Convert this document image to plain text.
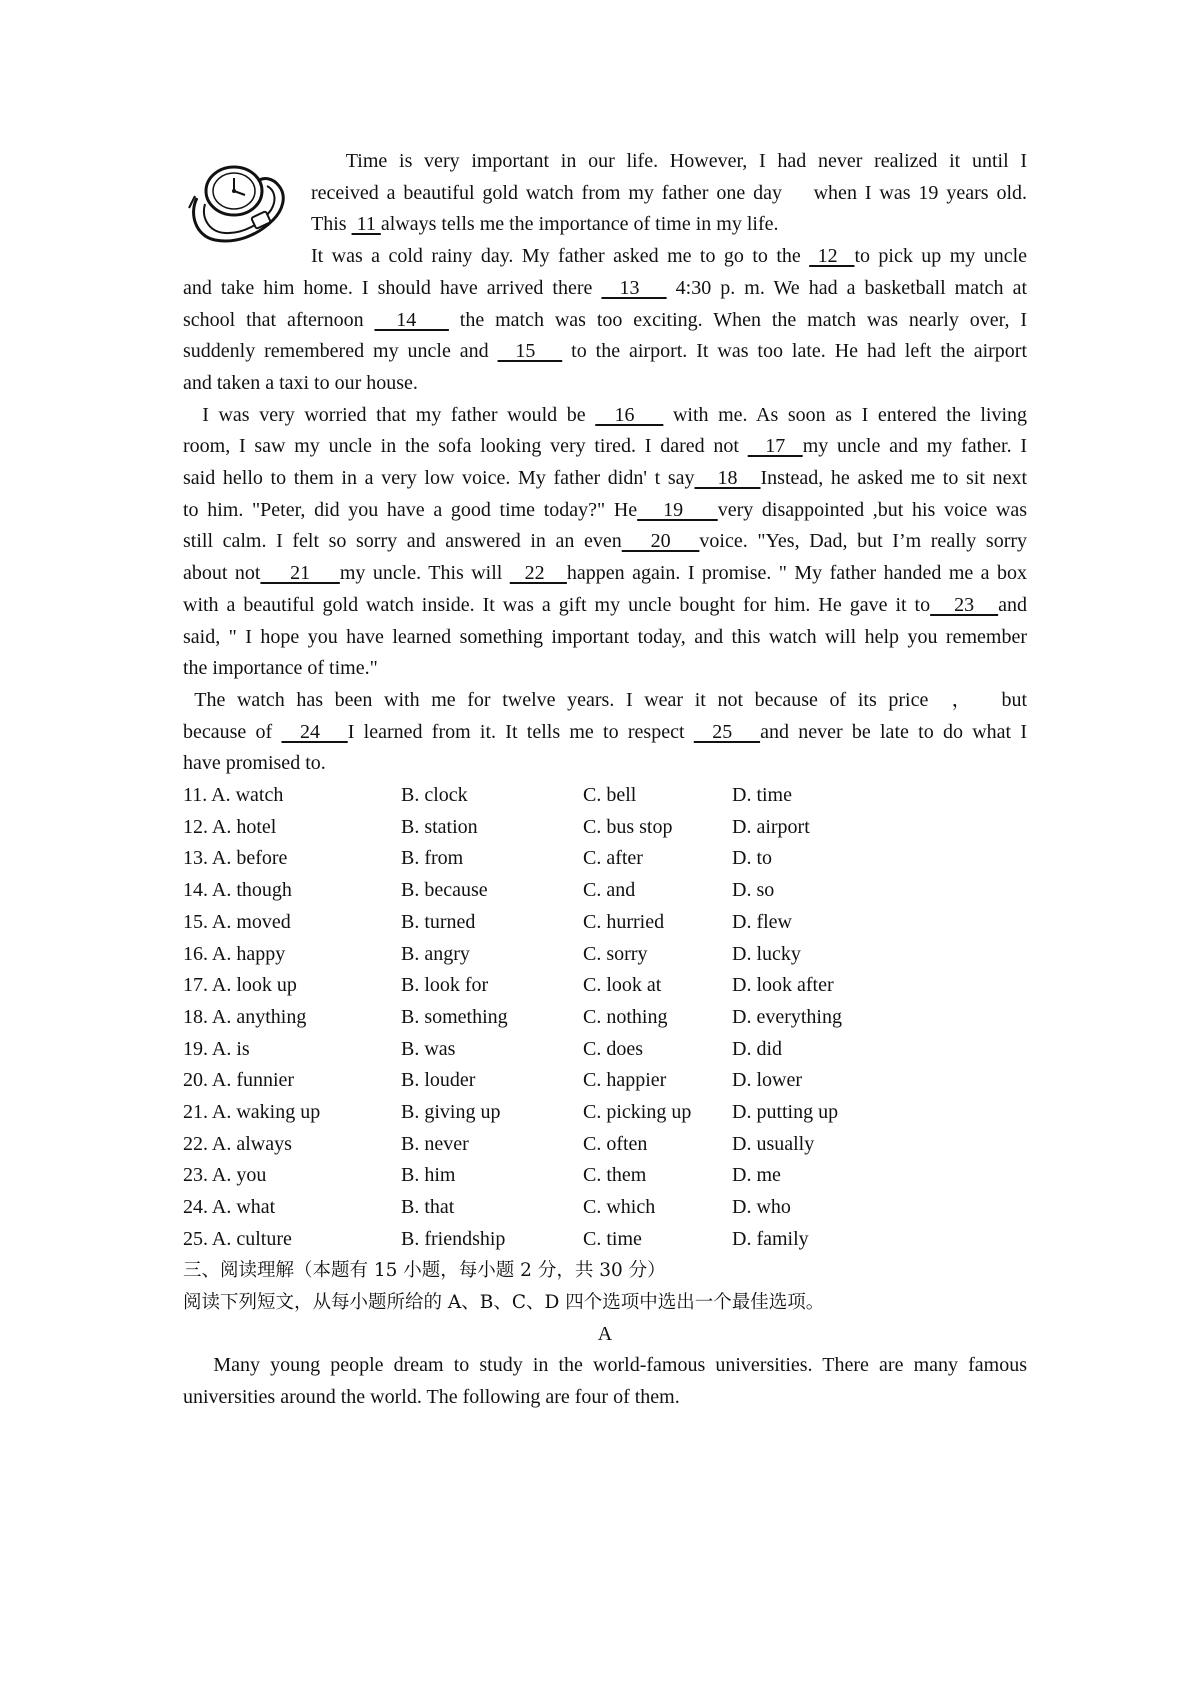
Time is very important in our life. However, I had never realized it until I
received a beautiful gold watch from my father one day    when I was 19 years old.
This  11 always tells me the importance of time in my life.
It was a cold rainy day. My father asked me to go to the  12  to pick up my uncle
and take him home. I should have arrived there   13    4:30 p. m. We had a basketball match at
school that afternoon   14    the match was too exciting. When the match was nearly over, I
suddenly remembered my uncle and   15    to the airport. It was too late. He had left the airport
and taken a taxi to our house.
I was very worried that my father would be   16    with me. As soon as I entered the living
room, I saw my uncle in the sofa looking very tired. I dared not   17  my uncle and my father. I
said hello to them in a very low voice. My father didn' t say   18   Instead, he asked me to sit next
to him. "Peter, did you have a good time today?" He   19    very disappointed ,but his voice was
still calm. I felt so sorry and answered in an even   20   voice. "Yes, Dad, but I’m really sorry
about not    21    my uncle. This will   22   happen again. I promise. " My father handed me a box
with a beautiful gold watch inside. It was a gift my uncle bought for him. He gave it to   23   and
said, " I hope you have learned something important today, and this watch will help you remember
the importance of time."
The watch has been with me for twelve years. I wear it not because of its price  ，  but
because of   24   I learned from it. It tells me to respect   25   and never be late to do what I
have promised to.
11. A. watch	B. clock	C. bell	D. time
12. A. hotel	B. station	C. bus stop	D. airport
13. A. before	B. from	C. after	D. to
14. A. though	B. because	C. and	D. so
15. A. moved	B. turned	C. hurried	D. flew
16. A. happy	B. angry	C. sorry	D. lucky
17. A. look up	B. look for	C. look at	D. look after
18. A. anything	B. something	C. nothing	D. everything
19. A. is	B. was	C. does	D. did
20. A. funnier	B. louder	C. happier	D. lower
21. A. waking up	B. giving up	C. picking up D. putting up
22. A. always	B. never	C. often	D. usually
23. A. you	B. him	C. them	D. me
24. A. what	B. that	C. which	D. who
25. A. culture	B. friendship	C. time	D. family
三、阅读理解（本题有 15 小题，每小题 2 分，共 30 分）
阅读下列短文，从每小题所给的 A、B、C、D 四个选项中选出一个最佳选项。
A
Many young people dream to study in the world-famous universities. There are many famous
universities around the world. The following are four of them.
